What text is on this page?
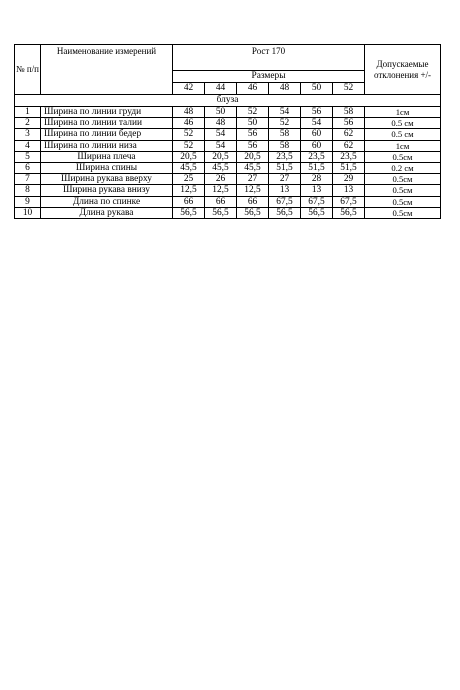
№ п/п	Наименование измерений	Рост 170						Допускаемые отклонения +/-
		Размеры						
		42	44	46	48	50	52	
блуза								
1	Ширина по линии груди	48	50	52	54	56	58	1см
2	Ширина по линии талии	46	48	50	52	54	56	0.5 см
3	Ширина по линии бедер	52	54	56	58	60	62	0.5 см
4	Ширина по линии низа	52	54	56	58	60	62	1см
5	Ширина плеча	20,5	20,5	20,5	23,5	23,5	23,5	0.5см
6	Ширина спины	45,5	45,5	45,5	51,5	51,5	51,5	0.2 см
7	Ширина рукава вверху	25	26	27	27	28	29	0.5см
8	Ширина рукава внизу	12,5	12,5	12,5	13	13	13	0.5см
9	Длина по спинке	66	66	66	67,5	67,5	67,5	0.5см
10	Длина рукава	56,5	56,5	56,5	56,5	56,5	56,5	0.5см
